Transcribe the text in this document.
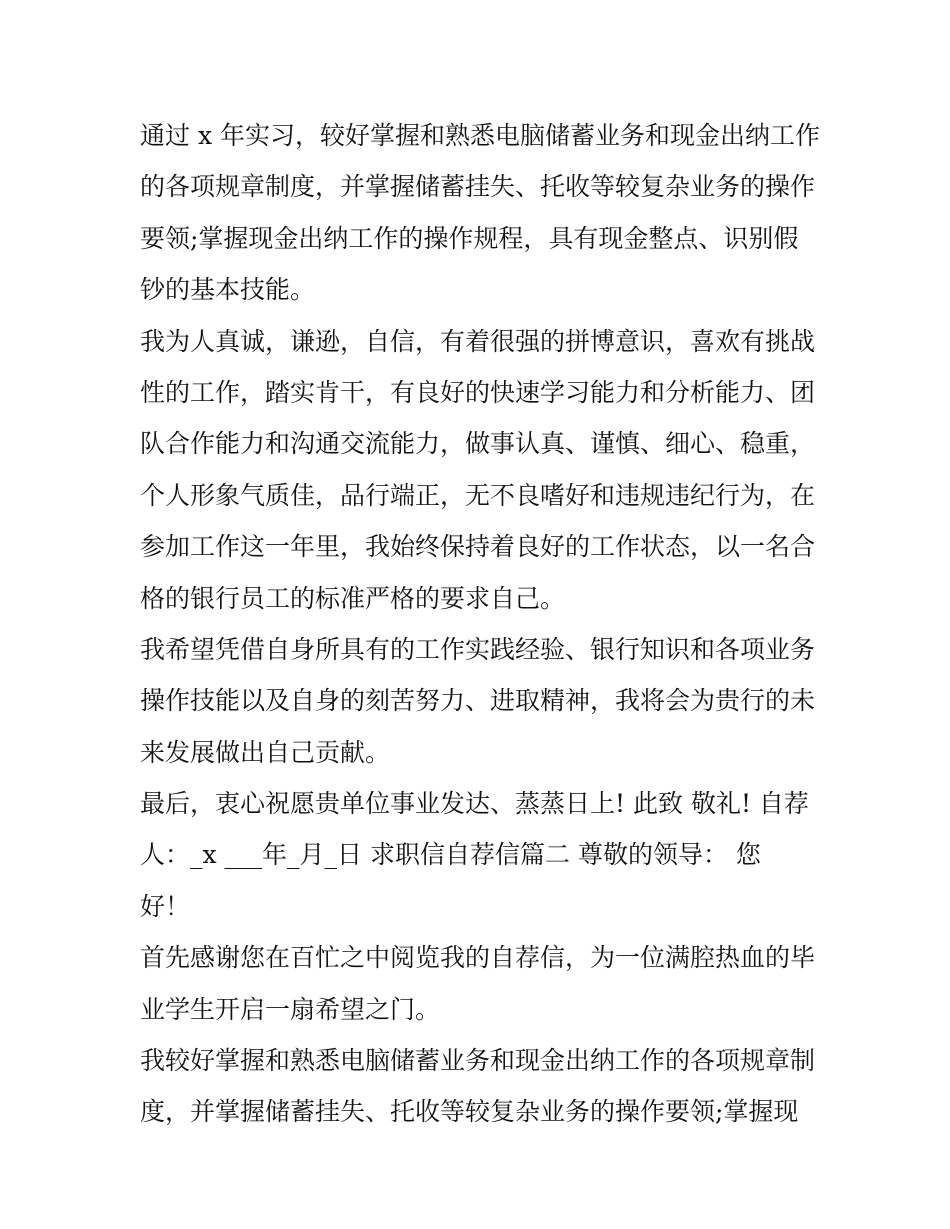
通过 x 年实习，较好掌握和熟悉电脑储蓄业务和现金出纳工作
的各项规章制度，并掌握储蓄挂失、托收等较复杂业务的操作
要领;掌握现金出纳工作的操作规程，具有现金整点、识别假
钞的基本技能。
我为人真诚，谦逊，自信，有着很强的拼博意识，喜欢有挑战
性的工作，踏实肯干，有良好的快速学习能力和分析能力、团
队合作能力和沟通交流能力，做事认真、谨慎、细心、稳重，
个人形象气质佳，品行端正，无不良嗜好和违规违纪行为，在
参加工作这一年里，我始终保持着良好的工作状态，以一名合
格的银行员工的标准严格的要求自己。
我希望凭借自身所具有的工作实践经验、银行知识和各项业务
操作技能以及自身的刻苦努力、进取精神，我将会为贵行的未
来发展做出自己贡献。
最后，衷心祝愿贵单位事业发达、蒸蒸日上! 此致 敬礼! 自荐
人：_x ___年_月_日 求职信自荐信篇二 尊敬的领导： 您
好！
首先感谢您在百忙之中阅览我的自荐信，为一位满腔热血的毕
业学生开启一扇希望之门。
我较好掌握和熟悉电脑储蓄业务和现金出纳工作的各项规章制
度，并掌握储蓄挂失、托收等较复杂业务的操作要领;掌握现
